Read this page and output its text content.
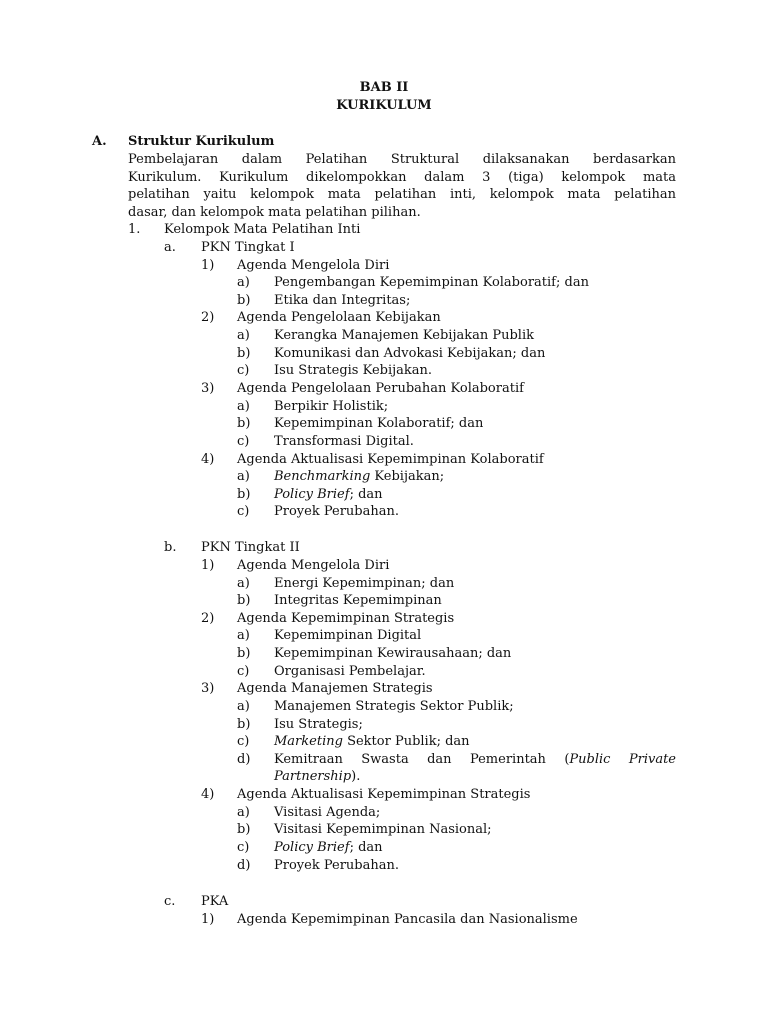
BAB II
KURIKULUM
A. Struktur Kurikulum
Pembelajaran dalam Pelatihan Struktural dilaksanakan berdasarkan
Kurikulum. Kurikulum dikelompokkan dalam 3 (tiga) kelompok mata
pelatihan yaitu kelompok mata pelatihan inti, kelompok mata pelatihan
dasar, dan kelompok mata pelatihan pilihan.
1. Kelompok Mata Pelatihan Inti
a. PKN Tingkat I
1) Agenda Mengelola Diri
a) Pengembangan Kepemimpinan Kolaboratif; dan
b) Etika dan Integritas;
2) Agenda Pengelolaan Kebijakan
a) Kerangka Manajemen Kebijakan Publik
b) Komunikasi dan Advokasi Kebijakan; dan
c) Isu Strategis Kebijakan.
3) Agenda Pengelolaan Perubahan Kolaboratif
a) Berpikir Holistik;
b) Kepemimpinan Kolaboratif; dan
c) Transformasi Digital.
4) Agenda Aktualisasi Kepemimpinan Kolaboratif
a) Benchmarking Kebijakan;
b) Policy Brief; dan
c) Proyek Perubahan.
b. PKN Tingkat II
1) Agenda Mengelola Diri
a) Energi Kepemimpinan; dan
b) Integritas Kepemimpinan
2) Agenda Kepemimpinan Strategis
a) Kepemimpinan Digital
b) Kepemimpinan Kewirausahaan; dan
c) Organisasi Pembelajar.
3) Agenda Manajemen Strategis
a) Manajemen Strategis Sektor Publik;
b) Isu Strategis;
c) Marketing Sektor Publik; dan
d) Kemitraan Swasta dan Pemerintah (Public Private
Partnership).
4) Agenda Aktualisasi Kepemimpinan Strategis
a) Visitasi Agenda;
b) Visitasi Kepemimpinan Nasional;
c) Policy Brief; dan
d) Proyek Perubahan.
c. PKA
1) Agenda Kepemimpinan Pancasila dan Nasionalisme
